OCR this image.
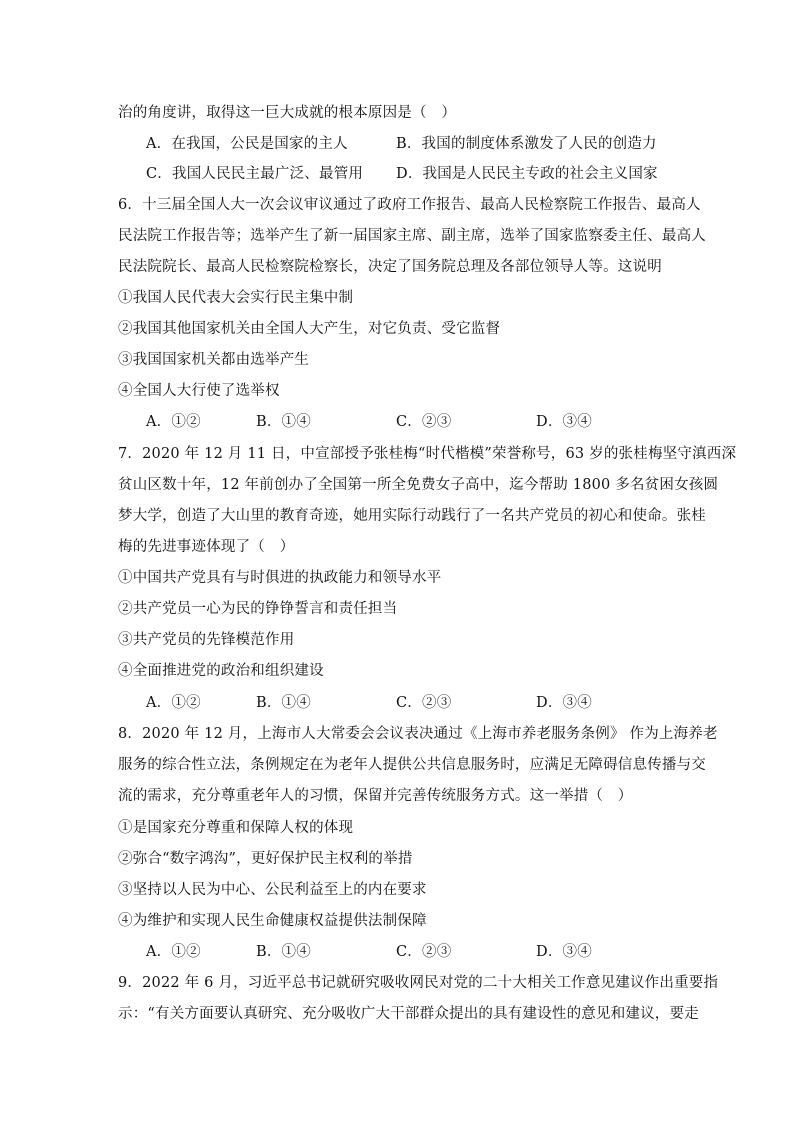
治的角度讲，取得这一巨大成就的根本原因是（　）
A．在我国，公民是国家的主人	B．我国的制度体系激发了人民的创造力
C．我国人民民主最广泛、最管用 D．我国是人民民主专政的社会主义国家
6．十三届全国人大一次会议审议通过了政府工作报告、最高人民检察院工作报告、最高人
民法院工作报告等；选举产生了新一届国家主席、副主席，选举了国家监察委主任、最高人
民法院院长、最高人民检察院检察长，决定了国务院总理及各部位领导人等。这说明
①我国人民代表大会实行民主集中制
②我国其他国家机关由全国人大产生，对它负责、受它监督
③我国国家机关都由选举产生
④全国人大行使了选举权
A．①②	B．①④	C．②③	D．③④
7．2020 年 12 月 11 日，中宣部授予张桂梅“时代楷模”荣誉称号，63 岁的张桂梅坚守滇西深
贫山区数十年，12 年前创办了全国第一所全免费女子高中，迄今帮助 1800 多名贫困女孩圆
梦大学，创造了大山里的教育奇迹，她用实际行动践行了一名共产党员的初心和使命。张桂
梅的先进事迹体现了（　）
①中国共产党具有与时俱进的执政能力和领导水平
②共产党员一心为民的铮铮誓言和责任担当
③共产党员的先锋模范作用
④全面推进党的政治和组织建设
A．①②	B．①④	C．②③	D．③④
8．2020 年 12 月，上海市人大常委会会议表决通过《上海市养老服务条例》 作为上海养老
服务的综合性立法，条例规定在为老年人提供公共信息服务时，应满足无障碍信息传播与交
流的需求，充分尊重老年人的习惯，保留并完善传统服务方式。这一举措（　）
①是国家充分尊重和保障人权的体现
②弥合“数字鸿沟”，更好保护民主权利的举措
③坚持以人民为中心、公民利益至上的内在要求
④为维护和实现人民生命健康权益提供法制保障
A．①②	B．①④	C．②③	D．③④
9．2022 年 6 月，习近平总书记就研究吸收网民对党的二十大相关工作意见建议作出重要指
示：“有关方面要认真研究、充分吸收广大干部群众提出的具有建设性的意见和建议，要走
